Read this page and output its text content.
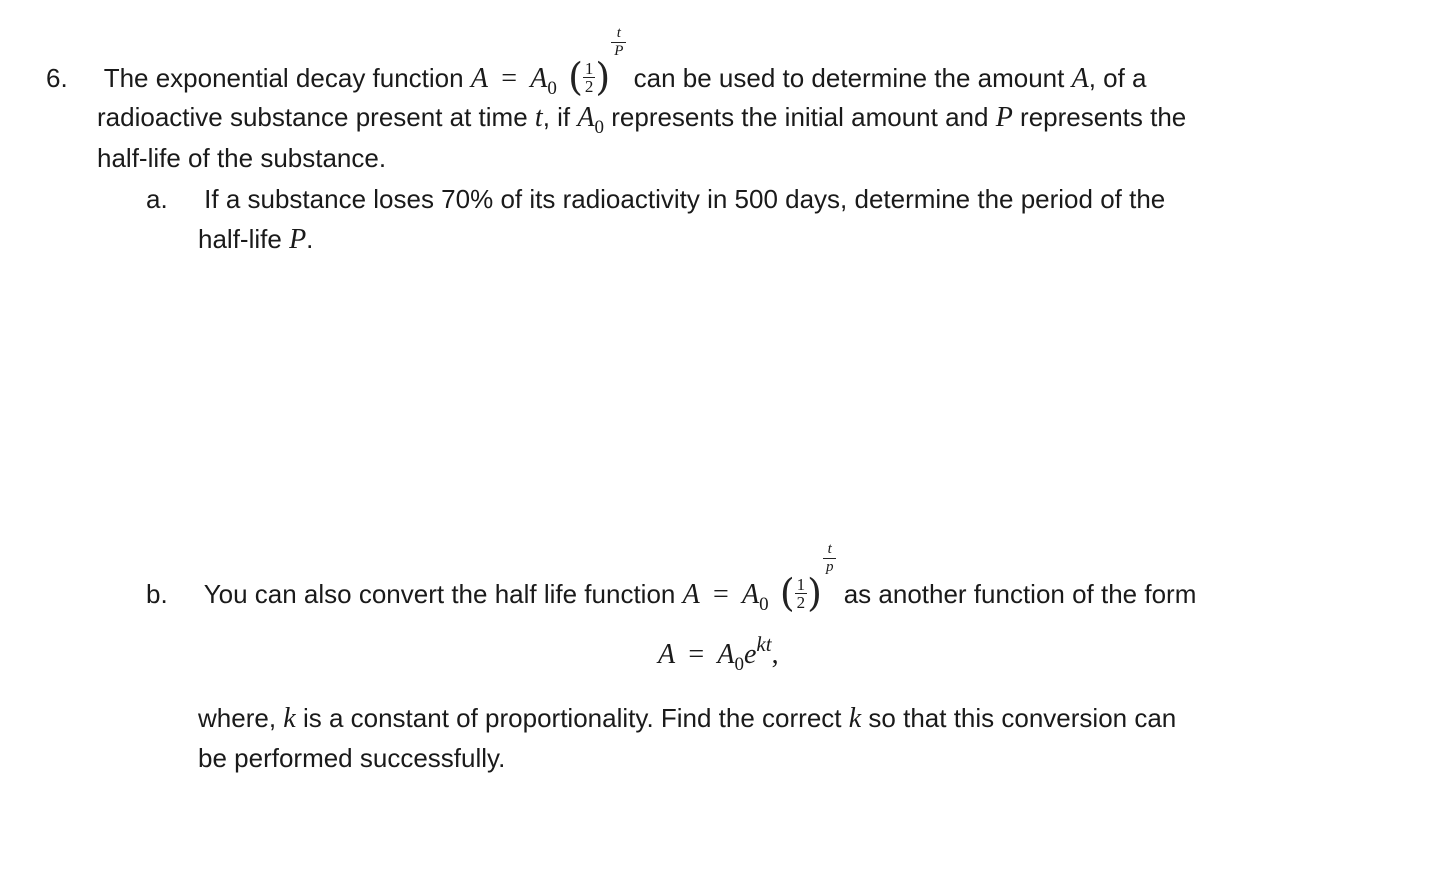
6. The exponential decay function $A = A_0$ ( $\frac{1}{2}$ )
$\frac{t}{P}$
can be used to determine the amount A, of a
radioactive substance present at time t, if $A_0$ represents the initial amount and P represents the
half-life of the substance.
a. If a substance loses 70% of its radioactivity in 500 days, determine the period of the
half-life P.
b. You can also convert the half life function $A = A_0$ ( $\frac{1}{2}$ )
$\frac{t}{p}$
as another function of the form
$A = A_0e^{kt}$,
where, k is a constant of proportionality. Find the correct k so that this conversion can
be performed successfully.
